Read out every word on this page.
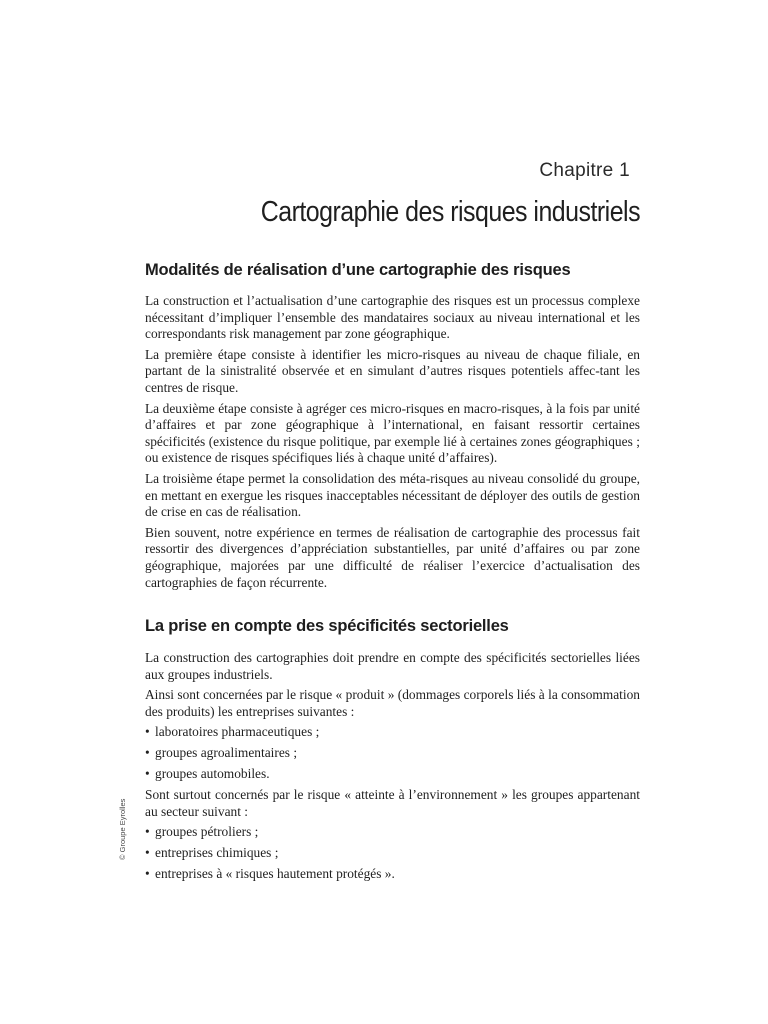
Chapitre 1
Cartographie des risques industriels
Modalités de réalisation d’une cartographie des risques

La construction et l’actualisation d’une cartographie des risques est un processus complexe nécessitant d’impliquer l’ensemble des mandataires sociaux au niveau international et les correspondants risk management par zone géographique.

La première étape consiste à identifier les micro-risques au niveau de chaque filiale, en partant de la sinistralité observée et en simulant d’autres risques potentiels affec-tant les centres de risque.

La deuxième étape consiste à agréger ces micro-risques en macro-risques, à la fois par unité d’affaires et par zone géographique à l’international, en faisant ressortir certaines spécificités (existence du risque politique, par exemple lié à certaines zones géographiques ; ou existence de risques spécifiques liés à chaque unité d’affaires).

La troisième étape permet la consolidation des méta-risques au niveau consolidé du groupe, en mettant en exergue les risques inacceptables nécessitant de déployer des outils de gestion de crise en cas de réalisation.

Bien souvent, notre expérience en termes de réalisation de cartographie des processus fait ressortir des divergences d’appréciation substantielles, par unité d’affaires ou par zone géographique, majorées par une difficulté de réaliser l’exercice d’actualisation des cartographies de façon récurrente.

La prise en compte des spécificités sectorielles

La construction des cartographies doit prendre en compte des spécificités sectorielles liées aux groupes industriels.

Ainsi sont concernées par le risque « produit » (dommages corporels liés à la consommation des produits) les entreprises suivantes :

• laboratoires pharmaceutiques ;
• groupes agroalimentaires ;
• groupes automobiles.

Sont surtout concernés par le risque « atteinte à l’environnement » les groupes appartenant au secteur suivant :

• groupes pétroliers ;
• entreprises chimiques ;
• entreprises à « risques hautement protégés ».
© Groupe Eyrolles
